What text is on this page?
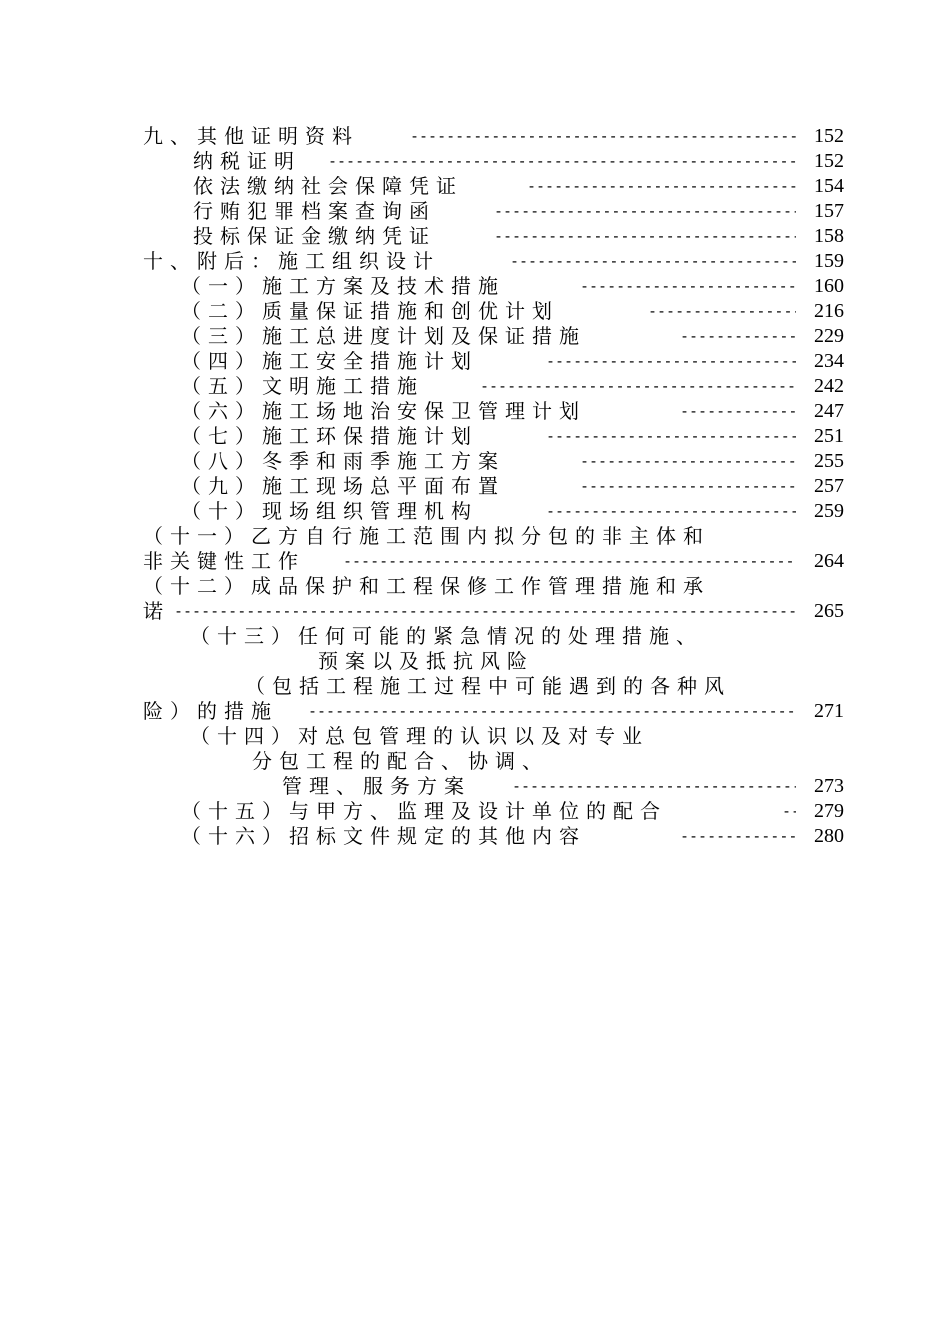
九、其他证明资料 -----	152
纳税证明 -----	152
依法缴纳社会保障凭证 -----	154
行贿犯罪档案查询函 -----	157
投标保证金缴纳凭证 -----	158
十、附后：施工组织设计 -----	159
（一）施工方案及技术措施 -----	160
（二）质量保证措施和创优计划 -----	216
（三）施工总进度计划及保证措施 -----	229
（四）施工安全措施计划 -----	234
（五）文明施工措施 -----	242
（六）施工场地治安保卫管理计划 -----	247
（七）施工环保措施计划 -----	251
（八）冬季和雨季施工方案 -----	255
（九）施工现场总平面布置 -----	257
（十）现场组织管理机构 -----	259
（十一）乙方自行施工范围内拟分包的非主体和
非关键性工作 -----	264
（十二）成品保护和工程保修工作管理措施和承
诺 -----	265
（十三）任何可能的紧急情况的处理措施、
预案以及抵抗风险
（包括工程施工过程中可能遇到的各种风
险）的措施 -----	271
（十四）对总包管理的认识以及对专业
分包工程的配合、协调、
管理、服务方案 -----	273
（十五）与甲方、监理及设计单位的配合 -----	279
（十六）招标文件规定的其他内容 -----	280
